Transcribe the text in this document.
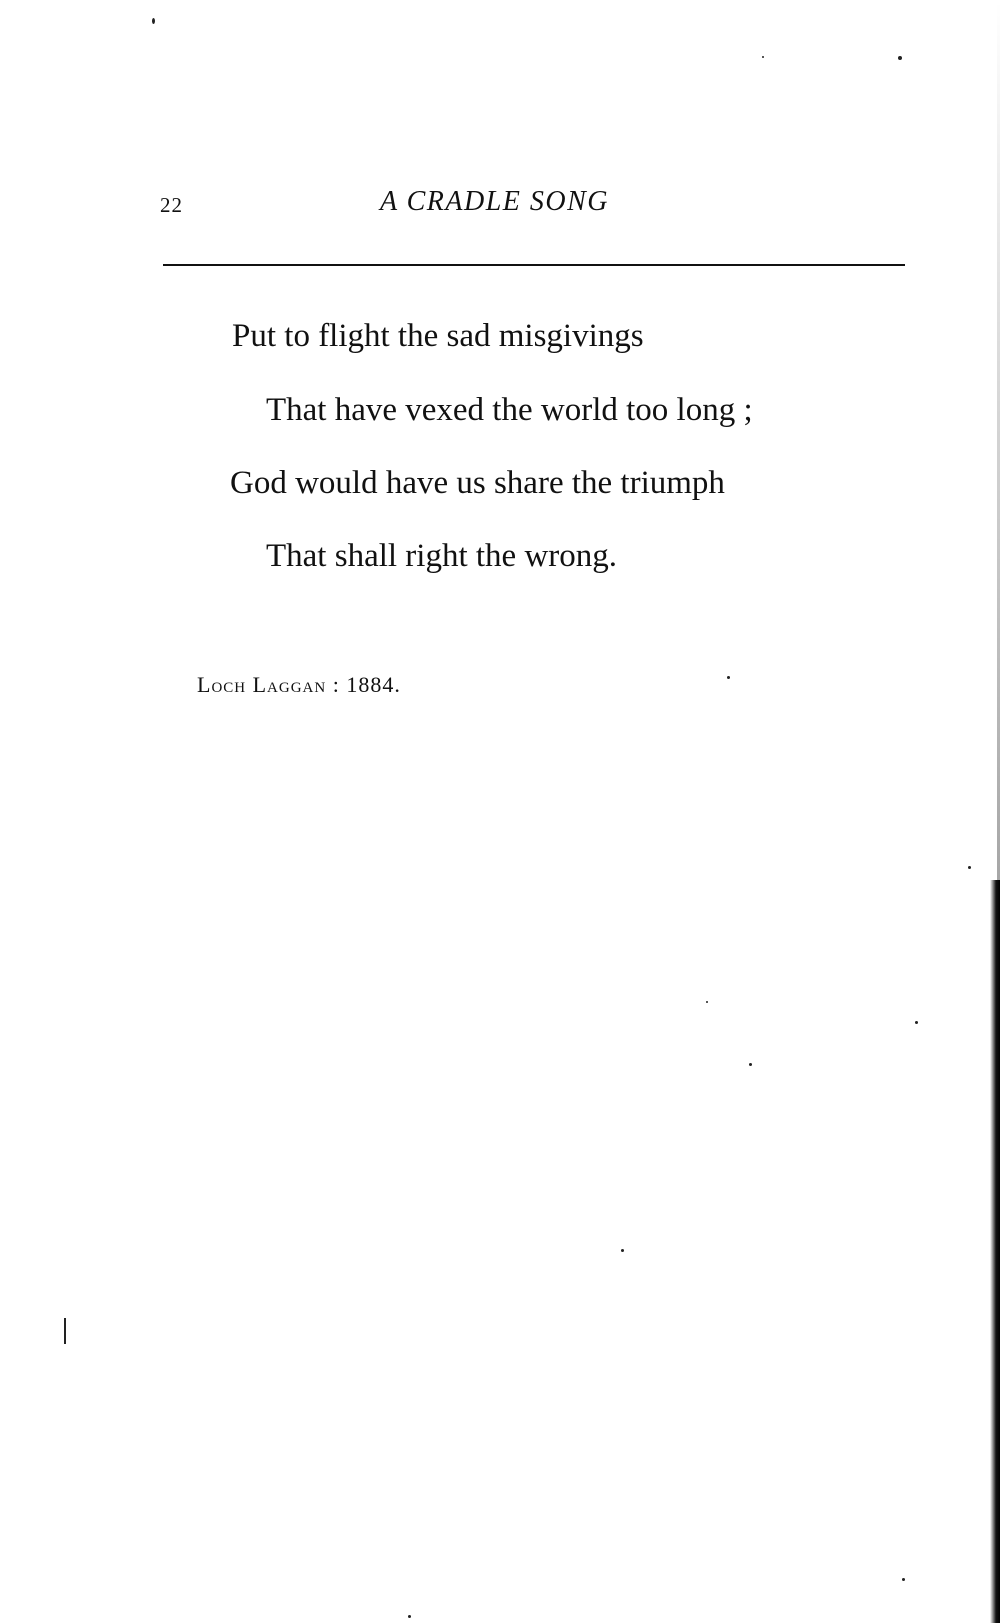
22	A CRADLE SONG
Put to flight the sad misgivings
That have vexed the world too long ;
God would have us share the triumph
That shall right the wrong.
Loch Laggan : 1884.
